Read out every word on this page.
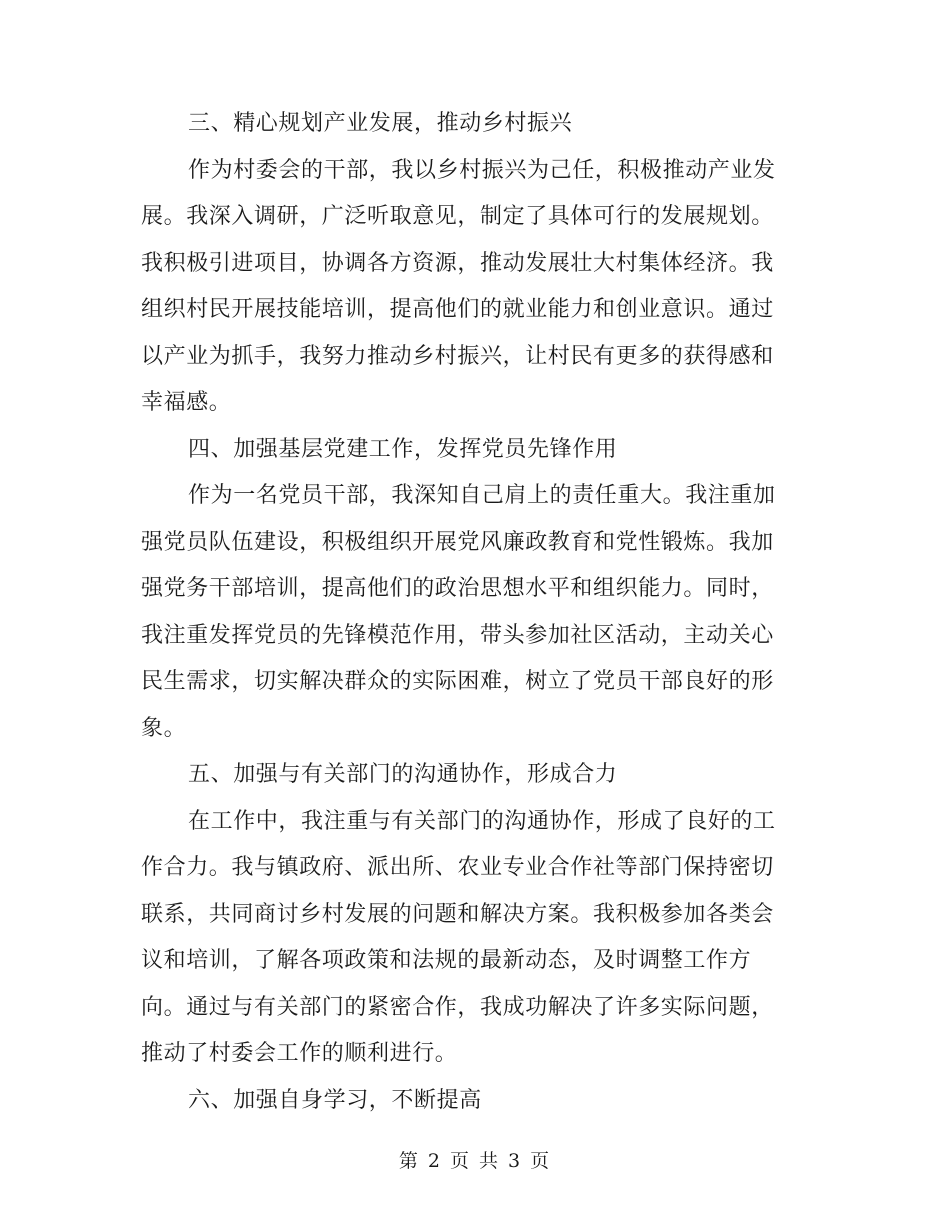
三、精心规划产业发展，推动乡村振兴
作为村委会的干部，我以乡村振兴为己任，积极推动产业发
展。我深入调研，广泛听取意见，制定了具体可行的发展规划。
我积极引进项目，协调各方资源，推动发展壮大村集体经济。我
组织村民开展技能培训，提高他们的就业能力和创业意识。通过
以产业为抓手，我努力推动乡村振兴，让村民有更多的获得感和
幸福感。
四、加强基层党建工作，发挥党员先锋作用
作为一名党员干部，我深知自己肩上的责任重大。我注重加
强党员队伍建设，积极组织开展党风廉政教育和党性锻炼。我加
强党务干部培训，提高他们的政治思想水平和组织能力。同时，
我注重发挥党员的先锋模范作用，带头参加社区活动，主动关心
民生需求，切实解决群众的实际困难，树立了党员干部良好的形
象。
五、加强与有关部门的沟通协作，形成合力
在工作中，我注重与有关部门的沟通协作，形成了良好的工
作合力。我与镇政府、派出所、农业专业合作社等部门保持密切
联系，共同商讨乡村发展的问题和解决方案。我积极参加各类会
议和培训，了解各项政策和法规的最新动态，及时调整工作方
向。通过与有关部门的紧密合作，我成功解决了许多实际问题，
推动了村委会工作的顺利进行。
六、加强自身学习，不断提高
第 2 页 共 3 页
